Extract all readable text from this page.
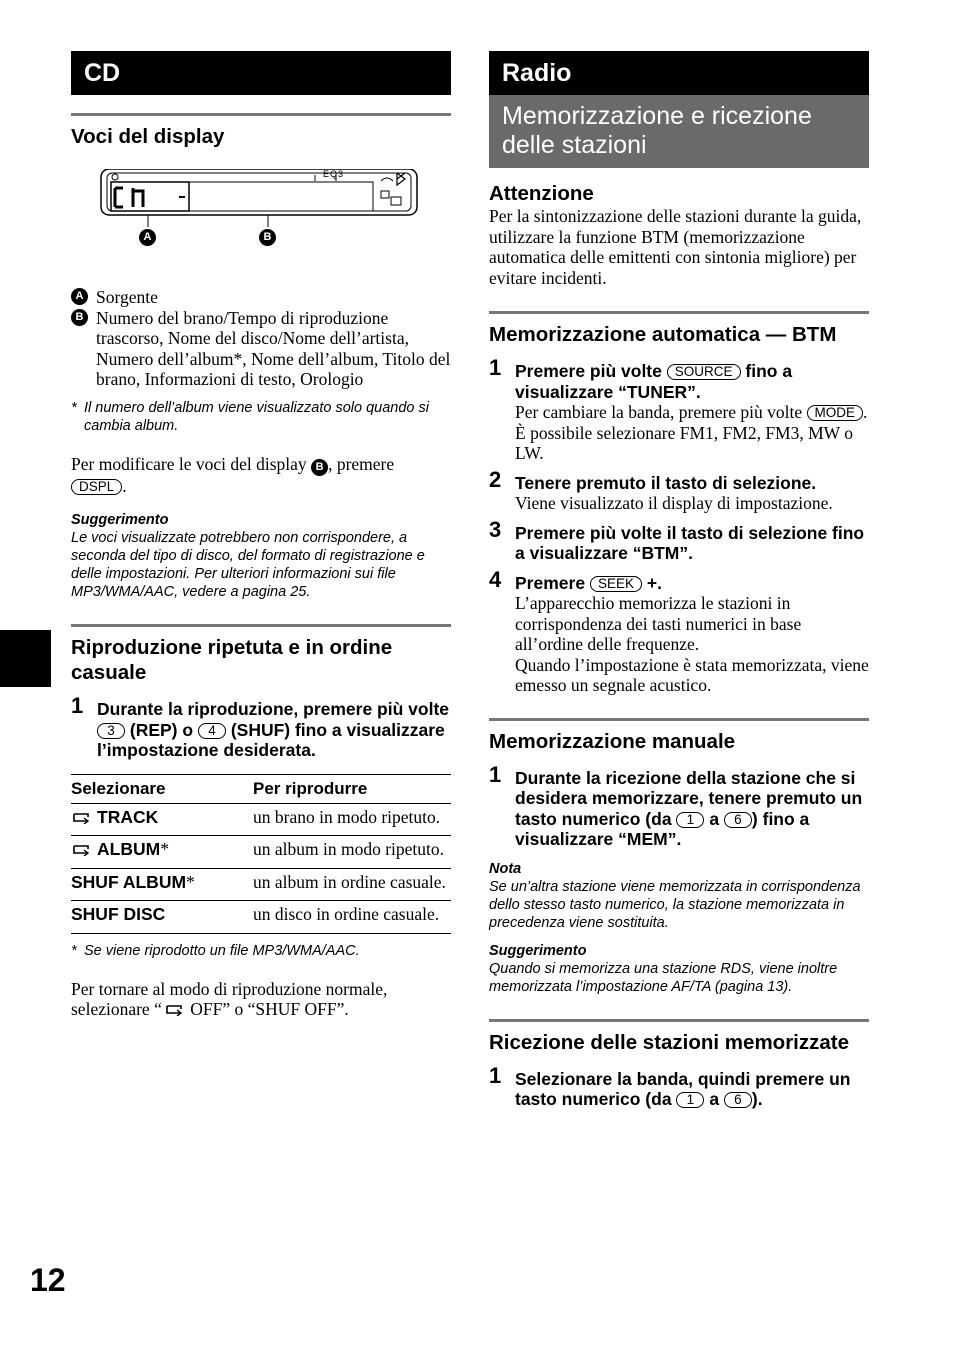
CD
Voci del display
EQ3
A	B
A Sorgente
B Numero del brano/Tempo di riproduzione trascorso, Nome del disco/Nome dell’artista, Numero dell’album*, Nome dell’album, Titolo del brano, Informazioni di testo, Orologio
* Il numero dell’album viene visualizzato solo quando si cambia album.
Per modificare le voci del display B , premere
DSPL .
Suggerimento
Le voci visualizzate potrebbero non corrispondere, a seconda del tipo di disco, del formato di registrazione e delle impostazioni. Per ulteriori informazioni sui file MP3/WMA/AAC, vedere a pagina 25.
Riproduzione ripetuta e in ordine casuale
1 Durante la riproduzione, premere più volte 3 (REP) o 4 (SHUF) fino a visualizzare l’impostazione desiderata.
Selezionare	Per riprodurre
TRACK	un brano in modo ripetuto.
ALBUM*	un album in modo ripetuto.
SHUF ALBUM*	un album in ordine casuale.
SHUF DISC	un disco in ordine casuale.
* Se viene riprodotto un file MP3/WMA/AAC.
Per tornare al modo di riproduzione normale, selezionare “ OFF” o “SHUF OFF”.
Radio
Memorizzazione e ricezione delle stazioni
Attenzione
Per la sintonizzazione delle stazioni durante la guida, utilizzare la funzione BTM (memorizzazione automatica delle emittenti con sintonia migliore) per evitare incidenti.
Memorizzazione automatica — BTM
1 Premere più volte SOURCE fino a visualizzare “TUNER”.
Per cambiare la banda, premere più volte MODE . È possibile selezionare FM1, FM2, FM3, MW o LW.
2 Tenere premuto il tasto di selezione.
Viene visualizzato il display di impostazione.
3 Premere più volte il tasto di selezione fino a visualizzare “BTM”.
4 Premere SEEK +.
L’apparecchio memorizza le stazioni in corrispondenza dei tasti numerici in base all’ordine delle frequenze.
Quando l’impostazione è stata memorizzata, viene emesso un segnale acustico.
Memorizzazione manuale
1 Durante la ricezione della stazione che si desidera memorizzare, tenere premuto un tasto numerico (da 1 a 6 ) fino a visualizzare “MEM”.
Nota
Se un’altra stazione viene memorizzata in corrispondenza dello stesso tasto numerico, la stazione memorizzata in precedenza viene sostituita.
Suggerimento
Quando si memorizza una stazione RDS, viene inoltre memorizzata l’impostazione AF/TA (pagina 13).
Ricezione delle stazioni memorizzate
1 Selezionare la banda, quindi premere un tasto numerico (da 1 a 6 ).
12
